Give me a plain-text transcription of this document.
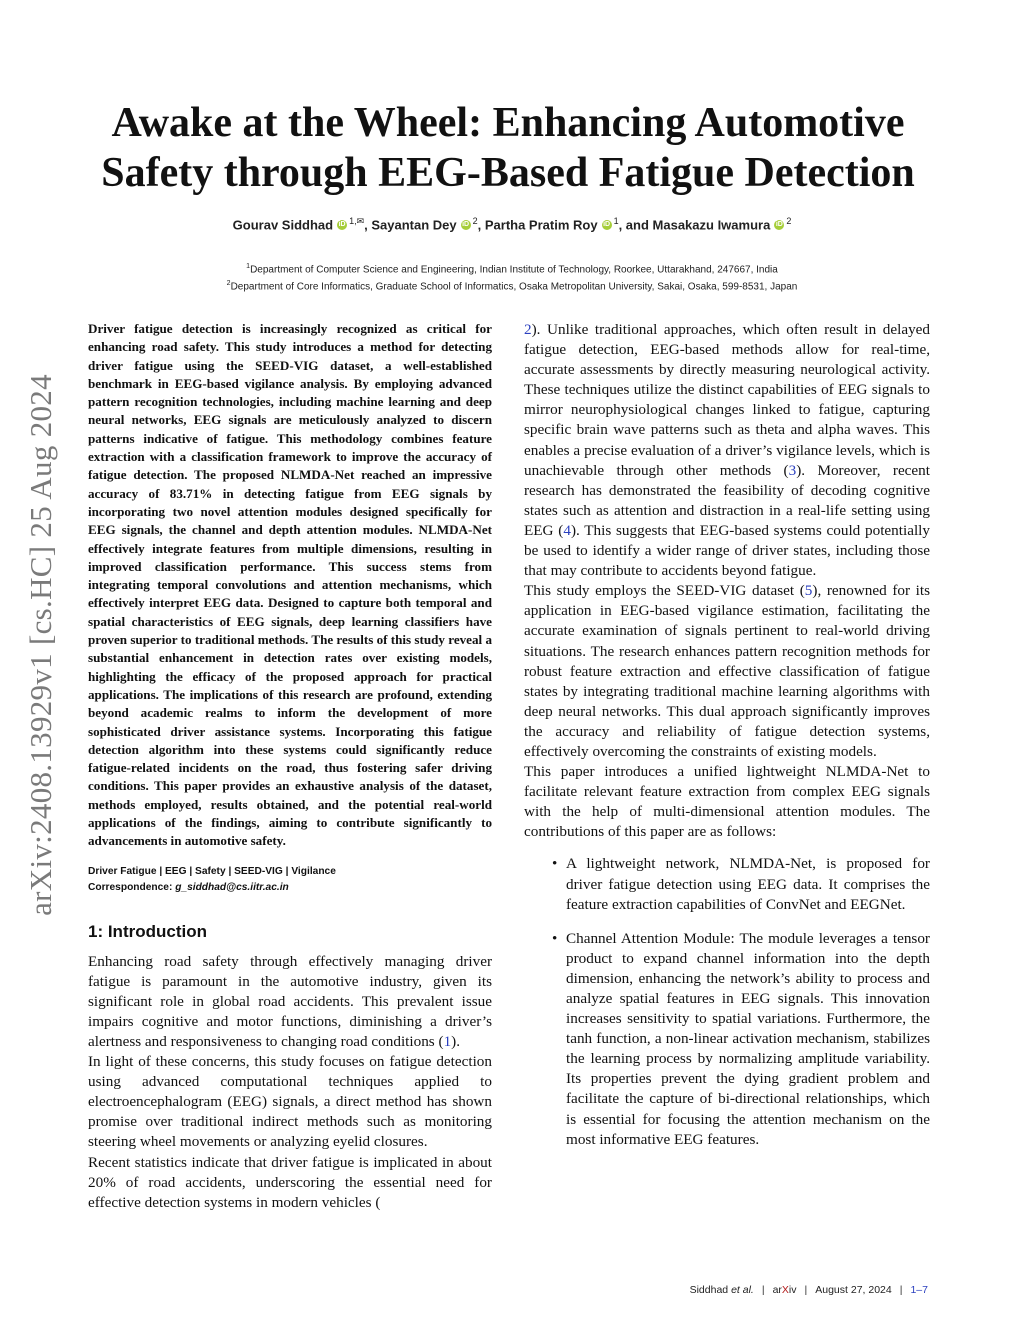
arXiv:2408.13929v1 [cs.HC] 25 Aug 2024
Awake at the Wheel: Enhancing Automotive
Safety through EEG-Based Fatigue Detection
Gourav Siddhad iD $^{1,✉}$, Sayantan Dey iD $^2$, Partha Pratim Roy iD $^1$, and Masakazu Iwamura iD $^2$
$^1$Department of Computer Science and Engineering, Indian Institute of Technology, Roorkee, Uttarakhand, 247667, India
$^2$Department of Core Informatics, Graduate School of Informatics, Osaka Metropolitan University, Sakai, Osaka, 599-8531, Japan

Driver fatigue detection is increasingly recognized as critical for enhancing road safety. This study introduces a method for detecting driver fatigue using the SEED-VIG dataset, a well-established benchmark in EEG-based vigilance analysis. By employing advanced pattern recognition technologies, including machine learning and deep neural networks, EEG signals are meticulously analyzed to discern patterns indicative of fatigue. This methodology combines feature extraction with a classification framework to improve the accuracy of fatigue detection. The proposed NLMDA-Net reached an impressive accuracy of 83.71% in detecting fatigue from EEG signals by incorporating two novel attention modules designed specifically for EEG signals, the channel and depth attention modules. NLMDA-Net effectively integrate features from multiple dimensions, resulting in improved classification performance. This success stems from integrating temporal convolutions and attention mechanisms, which effectively interpret EEG data. Designed to capture both temporal and spatial characteristics of EEG signals, deep learning classifiers have proven superior to traditional methods. The results of this study reveal a substantial enhancement in detection rates over existing models, highlighting the efficacy of the proposed approach for practical applications. The implications of this research are profound, extending beyond academic realms to inform the development of more sophisticated driver assistance systems. Incorporating this fatigue detection algorithm into these systems could significantly reduce fatigue-related incidents on the road, thus fostering safer driving conditions. This paper provides an exhaustive analysis of the dataset, methods employed, results obtained, and the potential real-world applications of the findings, aiming to contribute significantly to advancements in automotive safety.

Driver Fatigue | EEG | Safety | SEED-VIG | Vigilance
Correspondence: g_siddhad@cs.iitr.ac.in
1: Introduction

Enhancing road safety through effectively managing driver fatigue is paramount in the automotive industry, given its significant role in global road accidents. This prevalent issue impairs cognitive and motor functions, diminishing a driver’s alertness and responsiveness to changing road conditions (1).

In light of these concerns, this study focuses on fatigue detection using advanced computational techniques applied to electroencephalogram (EEG) signals, a direct method has shown promise over traditional indirect methods such as monitoring steering wheel movements or analyzing eyelid closures.

Recent statistics indicate that driver fatigue is implicated in about 20% of road accidents, underscoring the essential need for effective detection systems in modern vehicles (

2). Unlike traditional approaches, which often result in delayed fatigue detection, EEG-based methods allow for real-time, accurate assessments by directly measuring neurological activity. These techniques utilize the distinct capabilities of EEG signals to mirror neurophysiological changes linked to fatigue, capturing specific brain wave patterns such as theta and alpha waves. This enables a precise evaluation of a driver’s vigilance levels, which is unachievable through other methods (3). Moreover, recent research has demonstrated the feasibility of decoding cognitive states such as attention and distraction in a real-life setting using EEG (4). This suggests that EEG-based systems could potentially be used to identify a wider range of driver states, including those that may contribute to accidents beyond fatigue.

This study employs the SEED-VIG dataset (5), renowned for its application in EEG-based vigilance estimation, facilitating the accurate examination of signals pertinent to real-world driving situations. The research enhances pattern recognition methods for robust feature extraction and effective classification of fatigue states by integrating traditional machine learning algorithms with deep neural networks. This dual approach significantly improves the accuracy and reliability of fatigue detection systems, effectively overcoming the constraints of existing models.

This paper introduces a unified lightweight NLMDA-Net to facilitate relevant feature extraction from complex EEG signals with the help of multi-dimensional attention modules. The contributions of this paper are as follows:

• A lightweight network, NLMDA-Net, is proposed for driver fatigue detection using EEG data. It comprises the feature extraction capabilities of ConvNet and EEGNet.
• Channel Attention Module: The module leverages a tensor product to expand channel information into the depth dimension, enhancing the network’s ability to process and analyze spatial features in EEG signals. This innovation increases sensitivity to spatial variations. Furthermore, the tanh function, a non-linear activation mechanism, stabilizes the learning process by normalizing amplitude variability. Its properties prevent the dying gradient problem and facilitate the capture of bi-directional relationships, which is essential for focusing the attention mechanism on the most informative EEG features.
Siddhad et al. | arXiv | August 27, 2024 | 1–7
